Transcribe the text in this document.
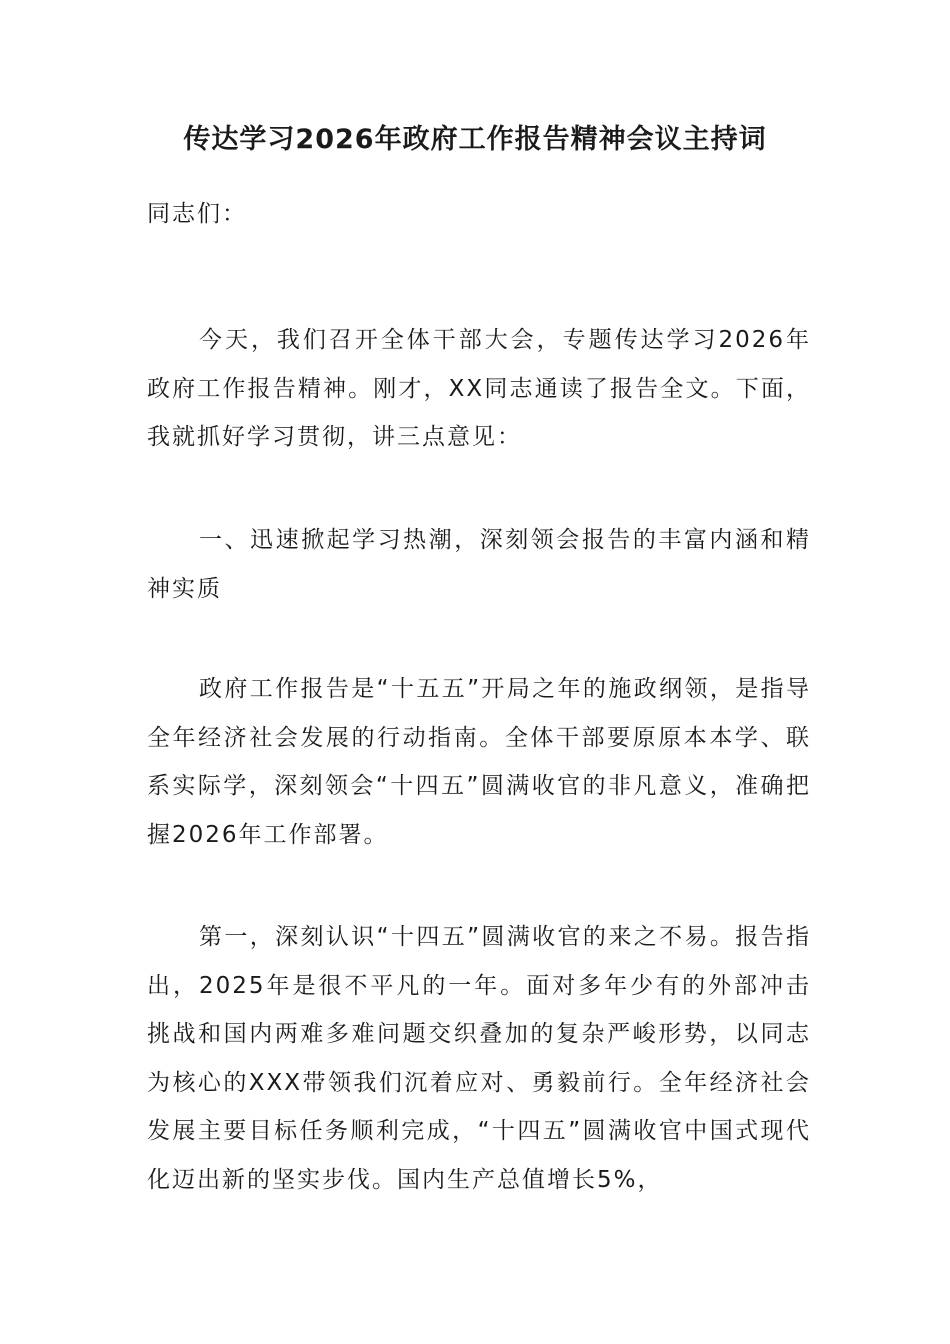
传达学习2026年政府工作报告精神会议主持词

同志们：

今天，我们召开全体干部大会，专题传达学习2026年政府工作报告精神。刚才，XX同志通读了报告全文。下面，我就抓好学习贯彻，讲三点意见：

一、迅速掀起学习热潮，深刻领会报告的丰富内涵和精神实质

政府工作报告是“十五五”开局之年的施政纲领，是指导全年经济社会发展的行动指南。全体干部要原原本本学、联系实际学，深刻领会“十四五”圆满收官的非凡意义，准确把握2026年工作部署。

第一，深刻认识“十四五”圆满收官的来之不易。报告指出，2025年是很不平凡的一年。面对多年少有的外部冲击挑战和国内两难多难问题交织叠加的复杂严峻形势，以同志为核心的XXX带领我们沉着应对、勇毅前行。全年经济社会发展主要目标任务顺利完成，“十四五”圆满收官中国式现代化迈出新的坚实步伐。国内生产总值增长5%，
